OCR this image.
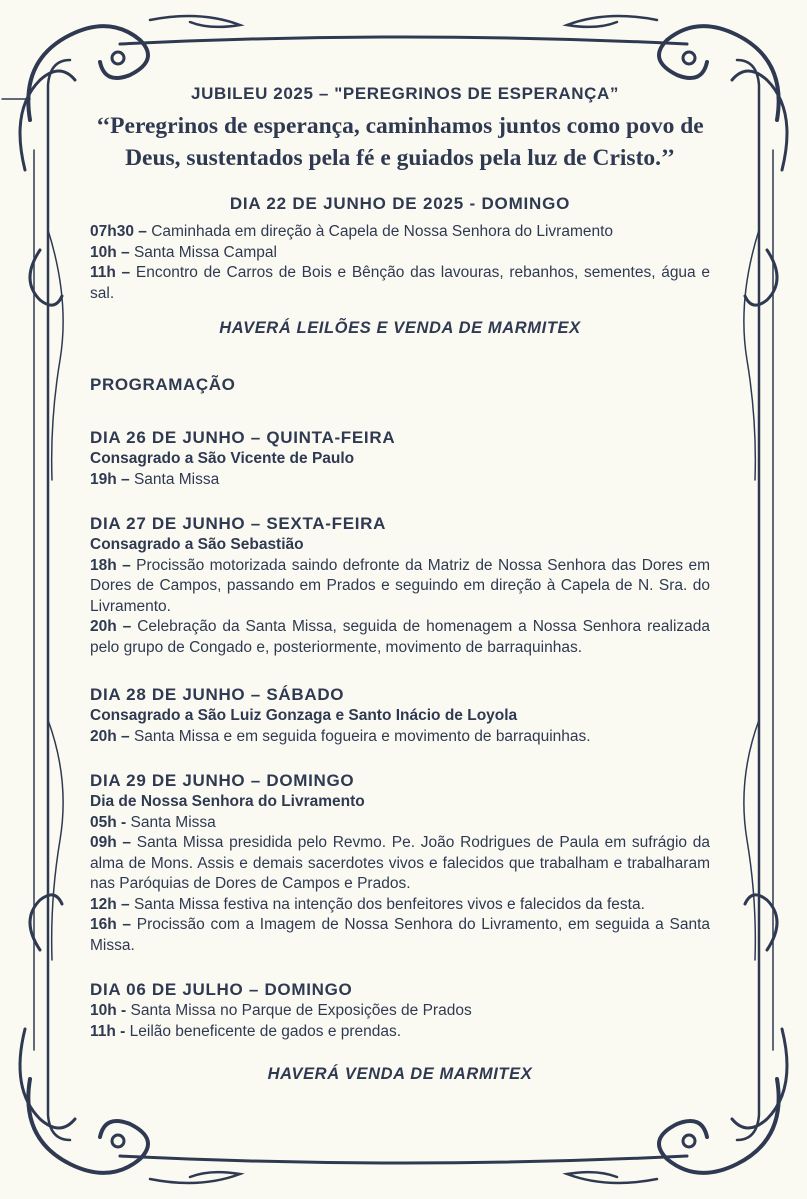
JUBILEU 2025 – "PEREGRINOS DE ESPERANÇA”
‘‘Peregrinos de esperança, caminhamos juntos como povo de Deus, sustentados pela fé e guiados pela luz de Cristo.’’
DIA 22 DE JUNHO DE 2025 - DOMINGO

07h30 – Caminhada em direção à Capela de Nossa Senhora do Livramento

10h – Santa Missa Campal

11h – Encontro de Carros de Bois e Bênção das lavouras, rebanhos, sementes, água e sal.

HAVERÁ LEILÕES E VENDA DE MARMITEX
PROGRAMAÇÃO
DIA 26 DE JUNHO – QUINTA-FEIRA
Consagrado a São Vicente de Paulo

19h – Santa Missa

DIA 27 DE JUNHO – SEXTA-FEIRA
Consagrado a São Sebastião

18h – Procissão motorizada saindo defronte da Matriz de Nossa Senhora das Dores em Dores de Campos, passando em Prados e seguindo em direção à Capela de N. Sra. do Livramento.

20h – Celebração da Santa Missa, seguida de homenagem a Nossa Senhora realizada pelo grupo de Congado e, posteriormente, movimento de barraquinhas.

DIA 28 DE JUNHO – SÁBADO
Consagrado a São Luiz Gonzaga e Santo Inácio de Loyola

20h – Santa Missa e em seguida fogueira e movimento de barraquinhas.

DIA 29 DE JUNHO – DOMINGO
Dia de Nossa Senhora do Livramento

05h - Santa Missa

09h – Santa Missa presidida pelo Revmo. Pe. João Rodrigues de Paula em sufrágio da alma de Mons. Assis e demais sacerdotes vivos e falecidos que trabalham e trabalharam nas Paróquias de Dores de Campos e Prados.

12h – Santa Missa festiva na intenção dos benfeitores vivos e falecidos da festa.

16h – Procissão com a Imagem de Nossa Senhora do Livramento, em seguida a Santa Missa.

DIA 06 DE JULHO – DOMINGO

10h - Santa Missa no Parque de Exposições de Prados

11h - Leilão beneficente de gados e prendas.

HAVERÁ VENDA DE MARMITEX
